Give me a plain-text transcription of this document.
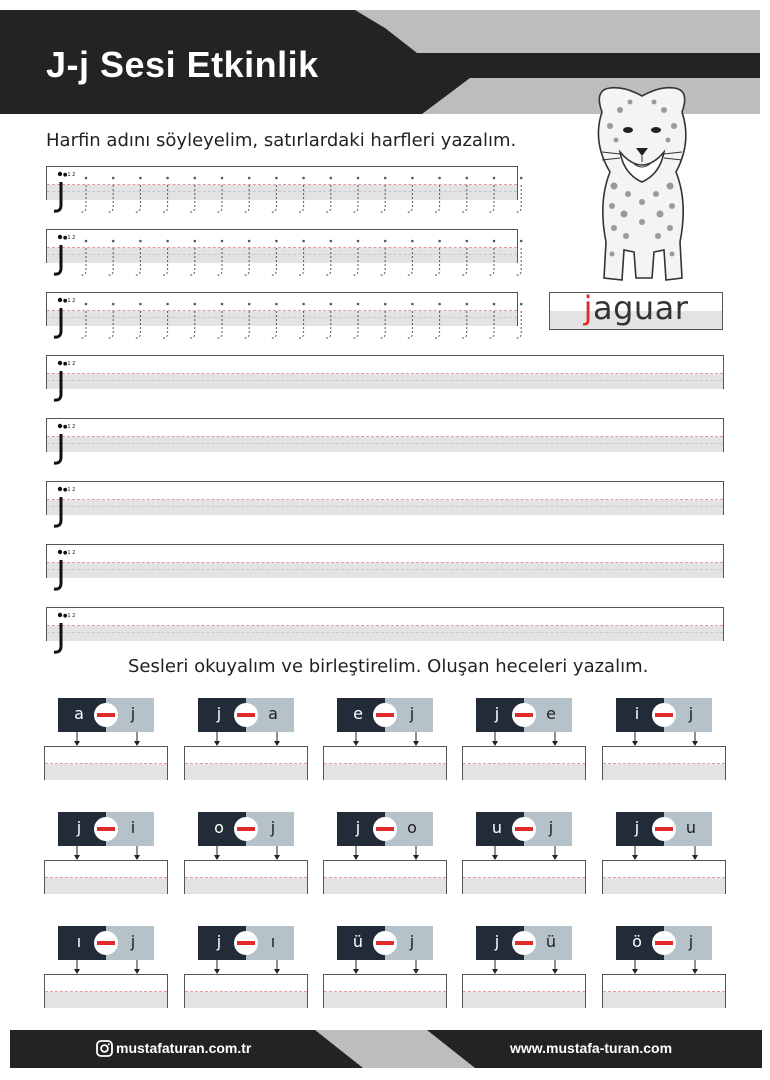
J-j Sesi Etkinlik
Harfin adını söyleyelim, satırlardaki harfleri yazalım.
jaguar
●1 2
●1 2
●1 2
●1 2
●1 2
●1 2
●1 2
●1 2
Sesleri okuyalım ve birleştirelim. Oluşan heceleri yazalım.
a	j	j	a	e	j	j	e	i	j
j	i	o	j	j	o	u	j	j	u
ı	j	j	ı	ü	j	j	ü	ö	j
mustafaturan.com.tr	www.mustafa-turan.com
